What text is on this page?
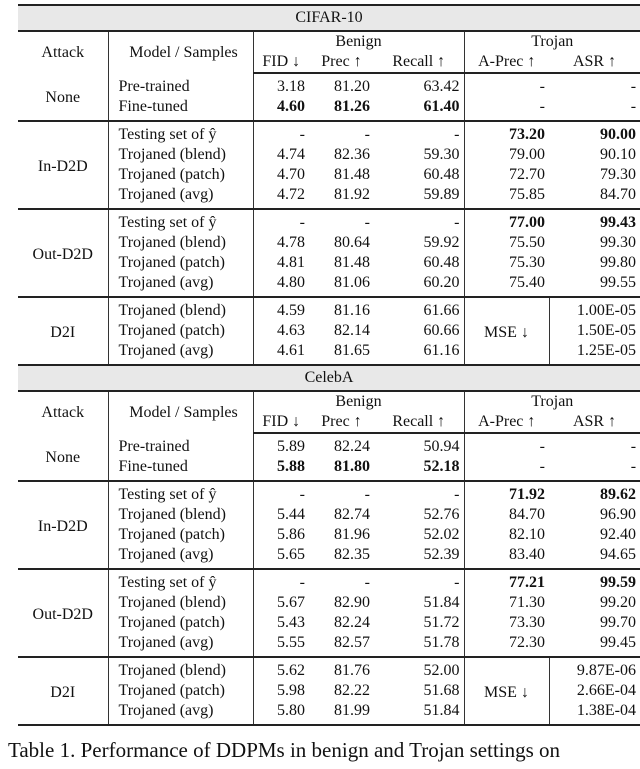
CIFAR-10						
Attack	Model / Samples	Benign			Trojan	
		FID ↓	Prec ↑	Recall ↑	A-Prec ↑	ASR ↑
None	Pre-trained	3.18	81.20	63.42	-	-
	Fine-tuned	4.60	81.26	61.40	-	-
In-D2D	Testing set of ŷ	-	-	-	73.20	90.00
	Trojaned (blend)	4.74	82.36	59.30	79.00	90.10
	Trojaned (patch)	4.70	81.48	60.48	72.70	79.30
	Trojaned (avg)	4.72	81.92	59.89	75.85	84.70
Out-D2D	Testing set of ŷ	-	-	-	77.00	99.43
	Trojaned (blend)	4.78	80.64	59.92	75.50	99.30
	Trojaned (patch)	4.81	81.48	60.48	75.30	99.80
	Trojaned (avg)	4.80	81.06	60.20	75.40	99.55
D2I	Trojaned (blend)	4.59	81.16	61.66	MSE ↓	1.00E-05
	Trojaned (patch)	4.63	82.14	60.66		1.50E-05
	Trojaned (avg)	4.61	81.65	61.16		1.25E-05
CelebA						
Attack	Model / Samples	Benign			Trojan	
		FID ↓	Prec ↑	Recall ↑	A-Prec ↑	ASR ↑
None	Pre-trained	5.89	82.24	50.94	-	-
	Fine-tuned	5.88	81.80	52.18	-	-
In-D2D	Testing set of ŷ	-	-	-	71.92	89.62
	Trojaned (blend)	5.44	82.74	52.76	84.70	96.90
	Trojaned (patch)	5.86	81.96	52.02	82.10	92.40
	Trojaned (avg)	5.65	82.35	52.39	83.40	94.65
Out-D2D	Testing set of ŷ	-	-	-	77.21	99.59
	Trojaned (blend)	5.67	82.90	51.84	71.30	99.20
	Trojaned (patch)	5.43	82.24	51.72	73.30	99.70
	Trojaned (avg)	5.55	82.57	51.78	72.30	99.45
D2I	Trojaned (blend)	5.62	81.76	52.00	MSE ↓	9.87E-06
	Trojaned (patch)	5.98	82.22	51.68		2.66E-04
	Trojaned (avg)	5.80	81.99	51.84		1.38E-04
Table 1. Performance of DDPMs in benign and Trojan settings on
